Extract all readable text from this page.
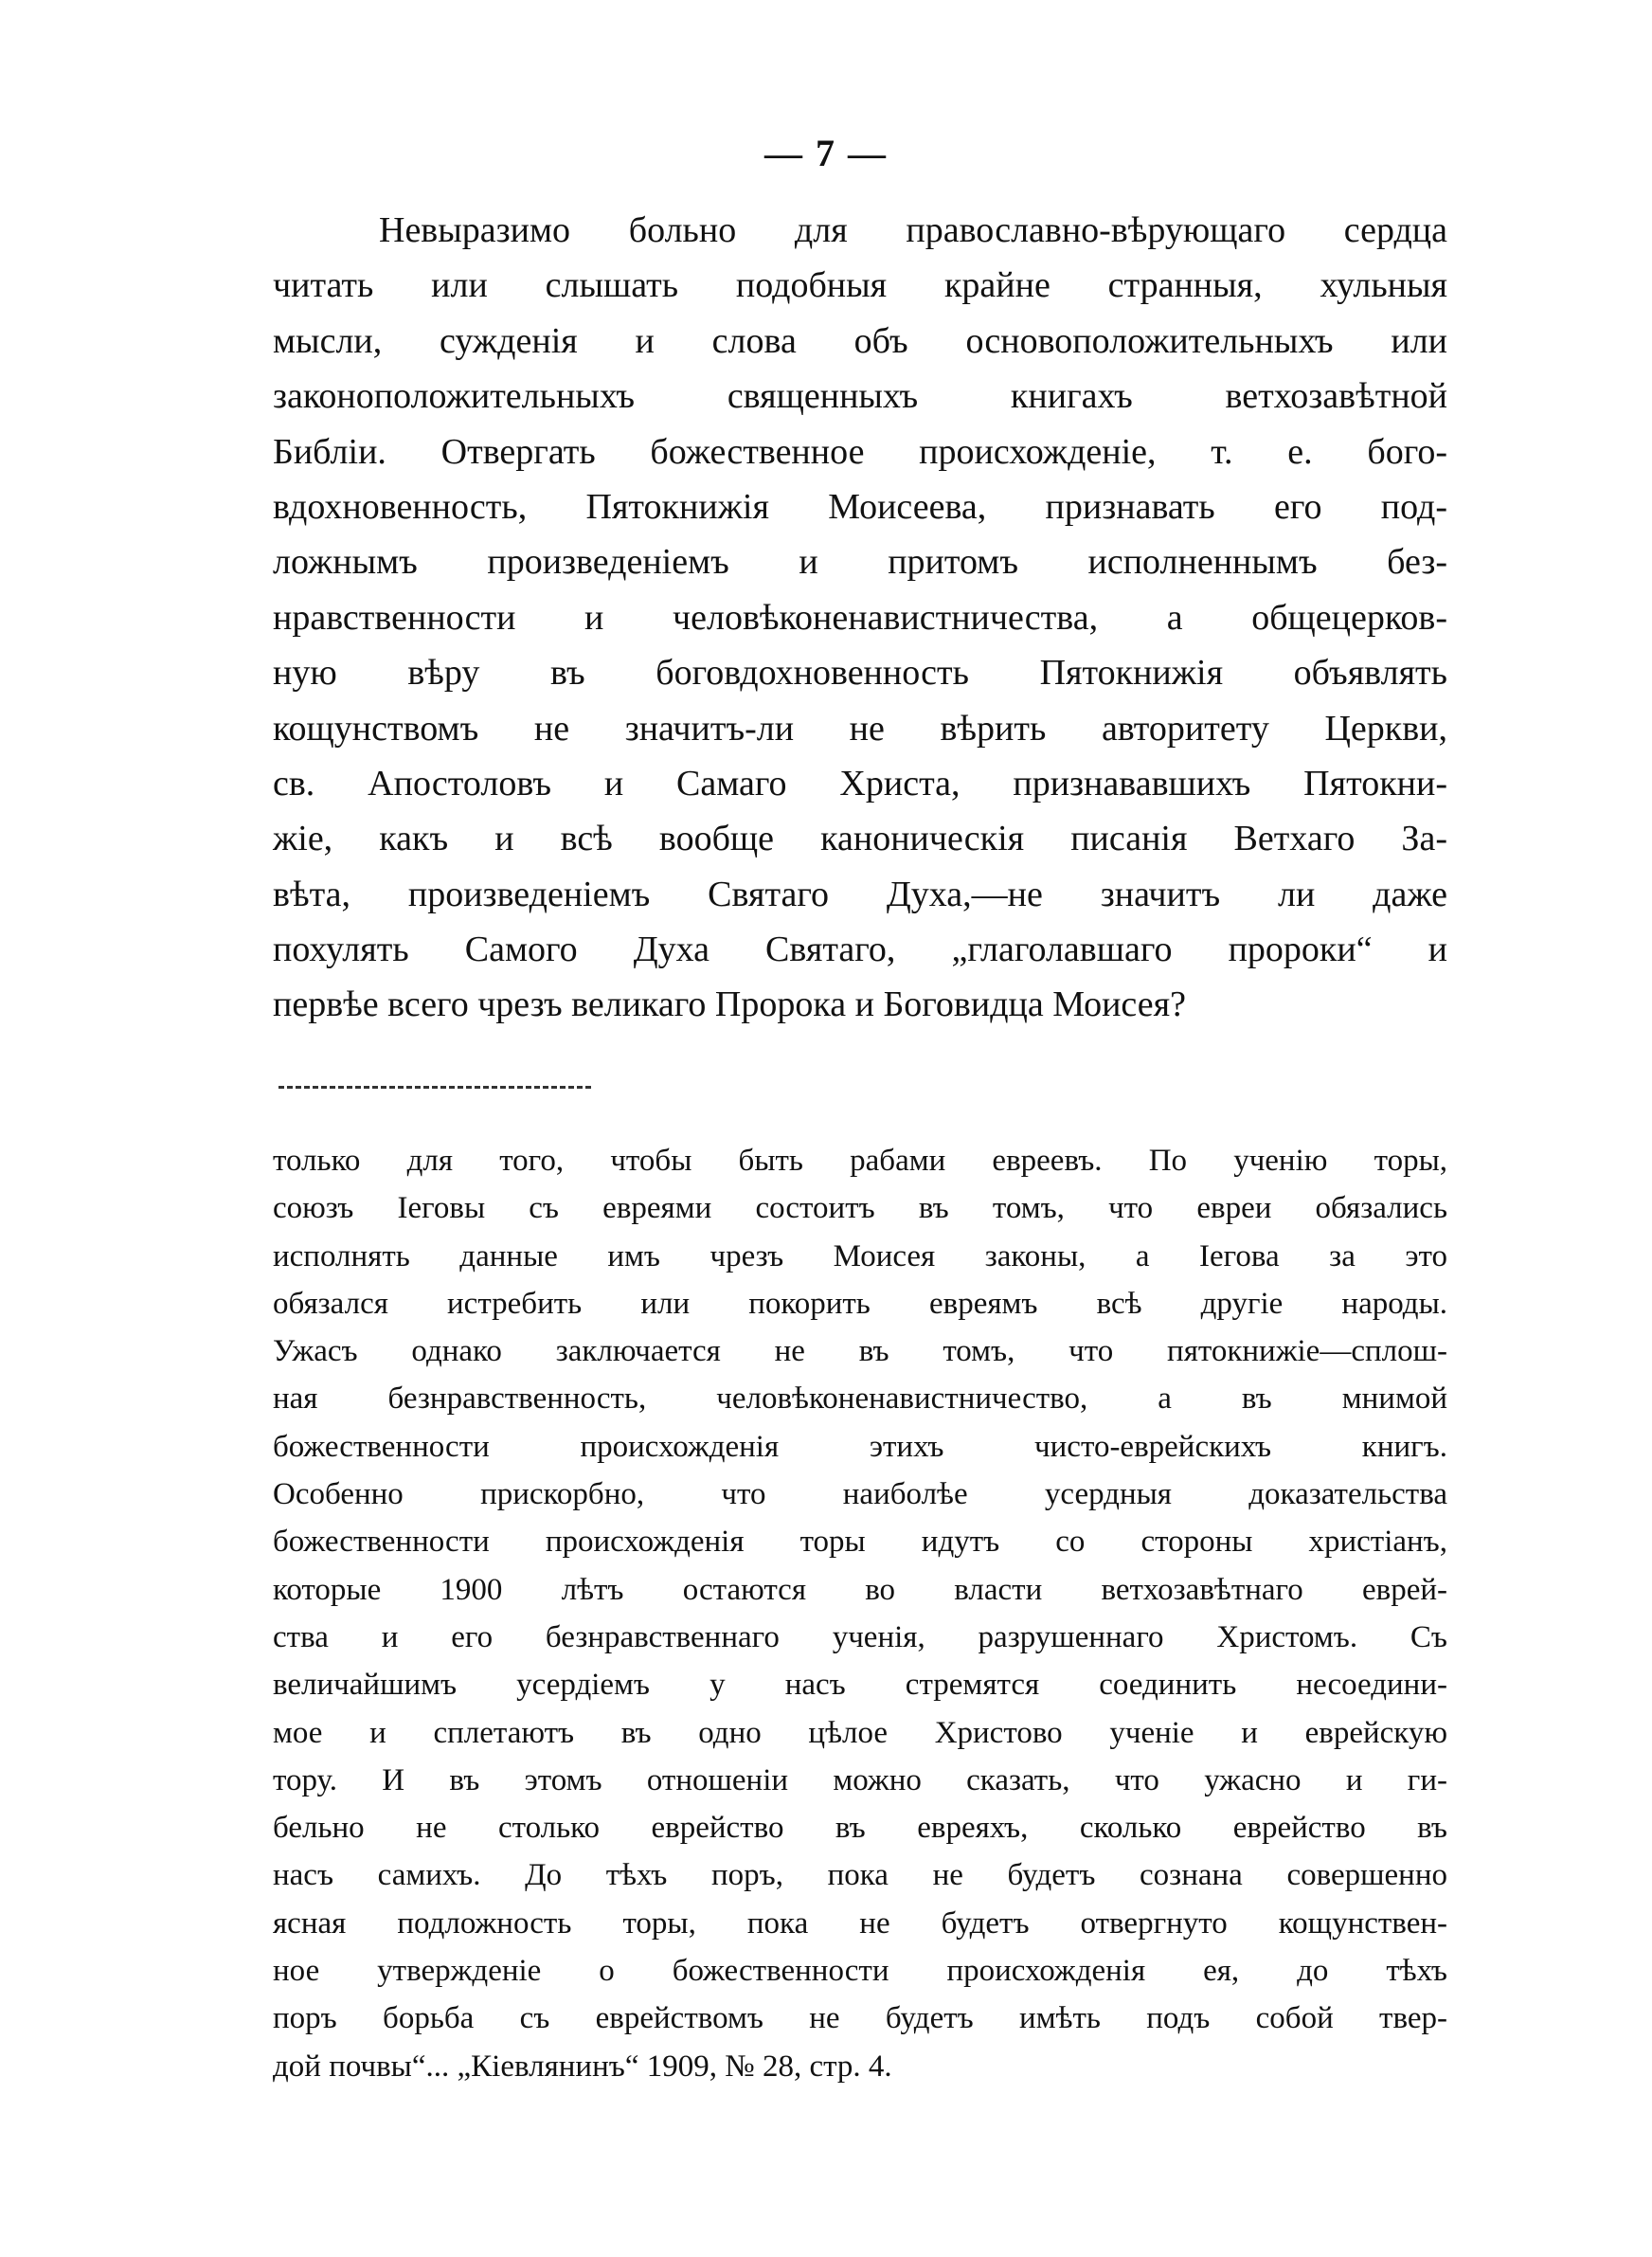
— 7 —
Невыразимо больно для православно-вѣрующаго сердца
читать или слышать подобныя крайне странныя, хульныя
мысли, сужденія и слова объ основоположительныхъ или
законоположительныхъ священныхъ книгахъ ветхозавѣтной
Библіи. Отвергать божественное происхожденіе, т. е. бого-
вдохновенность, Пятокнижія Моисеева, признавать его под-
ложнымъ произведеніемъ и притомъ исполненнымъ без-
нравственности и человѣконенавистничества, а общецерков-
ную вѣру въ боговдохновенность Пятокнижія объявлять
кощунствомъ не значитъ-ли не вѣрить авторитету Церкви,
св. Апостоловъ и Самаго Христа, признававшихъ Пятокни-
жіе, какъ и всѣ вообще каноническія писанія Ветхаго За-
вѣта, произведеніемъ Святаго Духа,—не значитъ ли даже
похулять Самого Духа Святаго, „глаголавшаго пророки“ и
первѣе всего чрезъ великаго Пророка и Боговидца Моисея?
только для того, чтобы быть рабами евреевъ. По ученію торы,
союзъ Іеговы съ евреями состоитъ въ томъ, что евреи обязались
исполнять данные имъ чрезъ Моисея законы, а Іегова за это
обязался истребить или покорить евреямъ всѣ другіе народы.
Ужасъ однако заключается не въ томъ, что пятокнижіе—сплош-
ная безнравственность, человѣконенавистничество, а въ мнимой
божественности происхожденія этихъ чисто-еврейскихъ книгъ.
Особенно прискорбно, что наиболѣе усердныя доказательства
божественности происхожденія торы идутъ со стороны христіанъ,
которые 1900 лѣтъ остаются во власти ветхозавѣтнаго еврей-
ства и его безнравственнаго ученія, разрушеннаго Христомъ. Съ
величайшимъ усердіемъ у насъ стремятся соединить несоедини-
мое и сплетаютъ въ одно цѣлое Христово ученіе и еврейскую
тору. И въ этомъ отношеніи можно сказать, что ужасно и ги-
бельно не столько еврейство въ евреяхъ, сколько еврейство въ
насъ самихъ. До тѣхъ поръ, пока не будетъ сознана совершенно
ясная подложность торы, пока не будетъ отвергнуто кощунствен-
ное утвержденіе о божественности происхожденія ея, до тѣхъ
поръ борьба съ еврействомъ не будетъ имѣть подъ собой твер-
дой почвы“... „Кіевлянинъ“ 1909, № 28, стр. 4.
